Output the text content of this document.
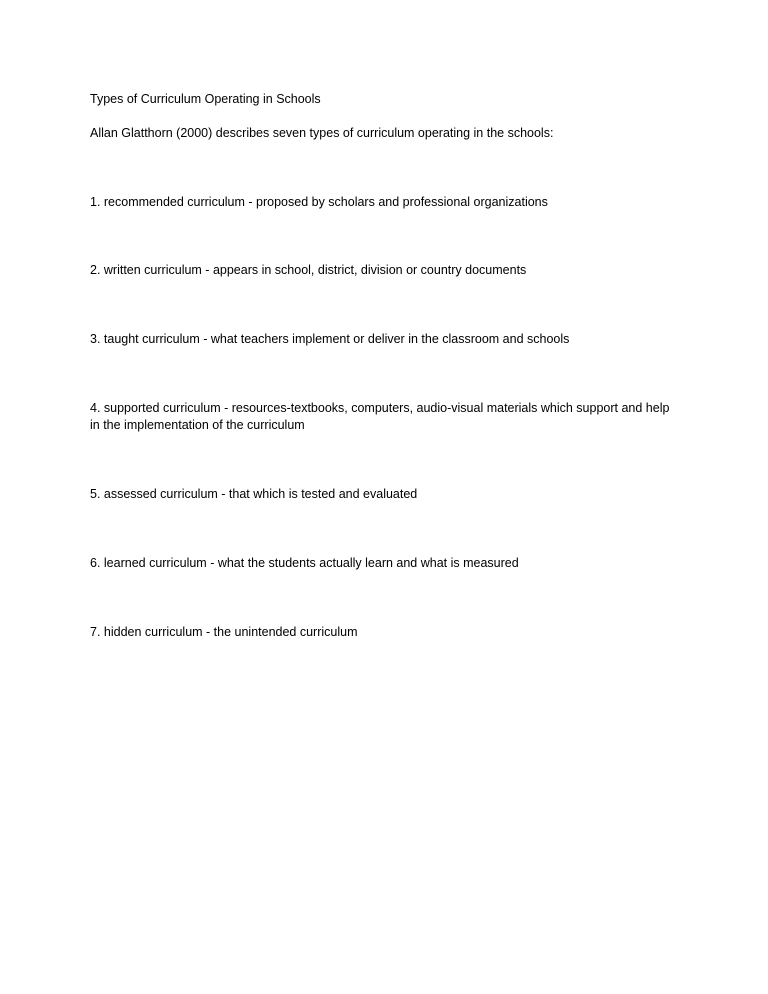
Types of Curriculum Operating in Schools
Allan Glatthorn (2000) describes seven types of curriculum operating in the schools:
1. recommended curriculum - proposed by scholars and professional organizations
2. written curriculum - appears in school, district, division or country documents
3. taught curriculum - what teachers implement or deliver in the classroom and schools
4. supported curriculum - resources-textbooks, computers, audio-visual materials which support and help in the implementation of the curriculum
5. assessed curriculum - that which is tested and evaluated
6. learned curriculum - what the students actually learn and what is measured
7. hidden curriculum - the unintended curriculum
